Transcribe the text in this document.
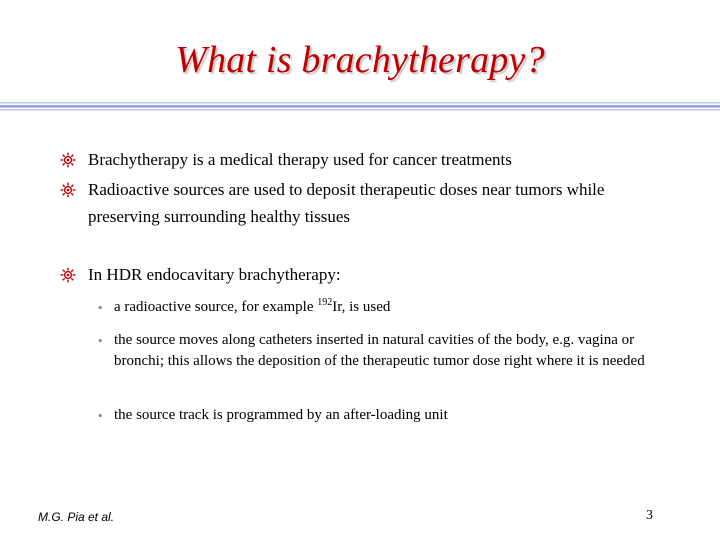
What is brachytherapy?
Brachytherapy is a medical therapy used for cancer treatments
Radioactive sources are used to deposit therapeutic doses near tumors while preserving surrounding healthy tissues
In HDR endocavitary brachytherapy:
• a radioactive source, for example $^{192}$Ir, is used
• the source moves along catheters inserted in natural cavities of the body, e.g. vagina or bronchi; this allows the deposition of the therapeutic tumor dose right where it is needed
• the source track is programmed by an after-loading unit
M.G. Pia et al.	3
